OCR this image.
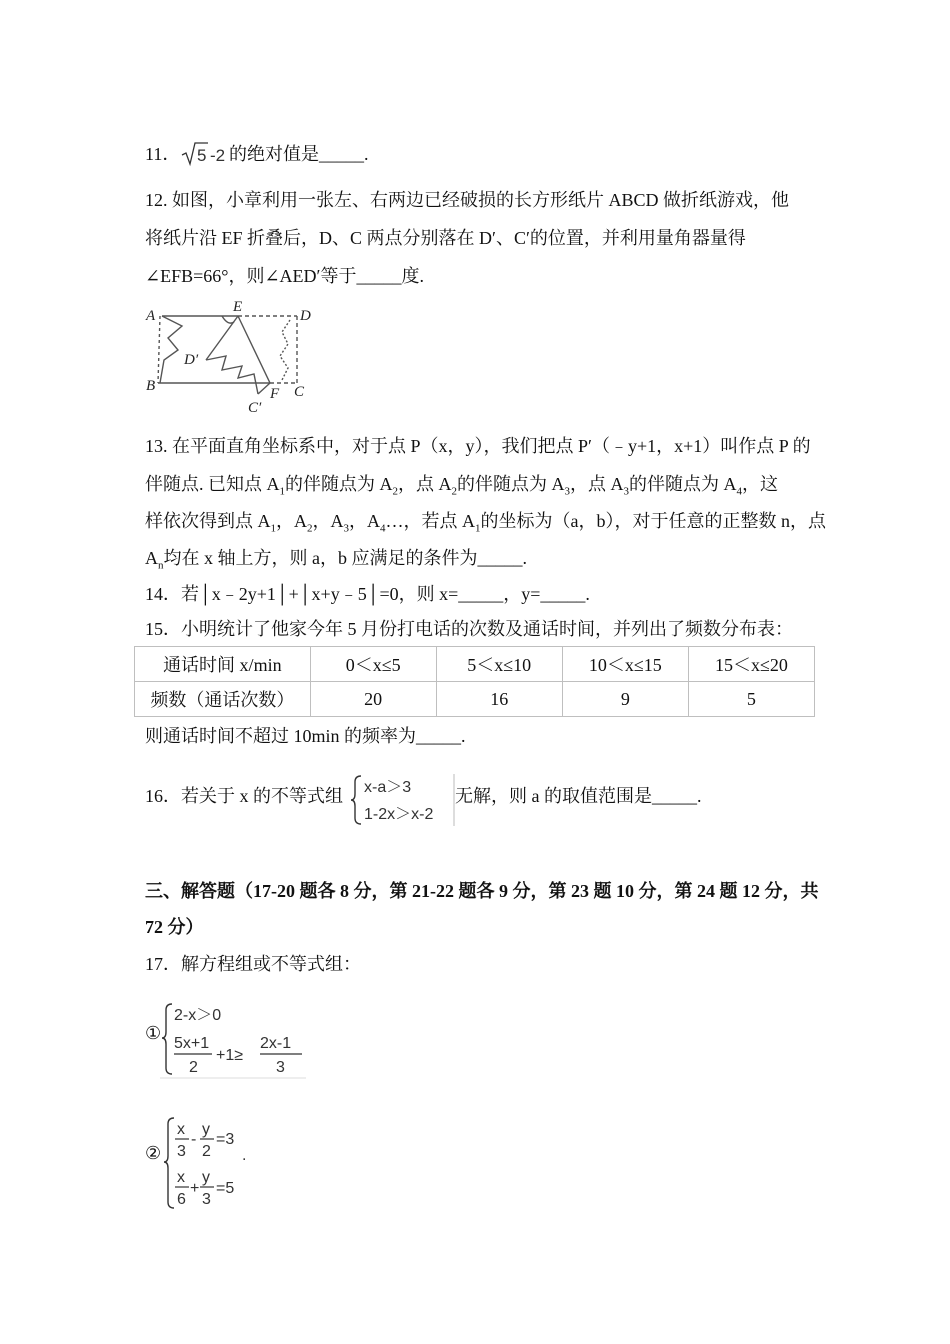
11． 5 -2 的绝对值是_____.
12. 如图，小章利用一张左、右两边已经破损的长方形纸片 ABCD 做折纸游戏，他
将纸片沿 EF 折叠后，D、C 两点分别落在 D′、C′的位置，并利用量角器量得
∠EFB=66°，则∠AED′等于_____度.
A
E
D
D′
B	F C
C′
13. 在平面直角坐标系中，对于点 P（x，y），我们把点 P′（﹣y+1，x+1）叫作点 P 的
伴随点. 已知点 $A_1$的伴随点为 $A_2$，点 $A_2$的伴随点为 $A_3$，点 $A_3$的伴随点为 $A_4$，这
样依次得到点 $A_1$，$A_2$，$A_3$，$A_4\dots$，若点 $A_1$的坐标为（a，b），对于任意的正整数 n，点
$A_n$均在 x 轴上方，则 a，b 应满足的条件为_____.
14．若│x﹣2y+1│+│x+y﹣5│=0，则 x=_____，y=_____.
15．小明统计了他家今年 5 月份打电话的次数及通话时间，并列出了频数分布表：
通话时间 x/min	0＜x≤5	5＜x≤10	10＜x≤15	15＜x≤20
频数（通话次数）	20	16	9	5
则通话时间不超过 10min 的频率为_____.
16．若关于 x 的不等式组 x-a＞3
1-2x＞x-2
无解，则 a 的取值范围是_____.
三、解答题（17-20 题各 8 分，第 21-22 题各 9 分，第 23 题 10 分，第 24 题 12 分，共
72 分）
17．解方程组或不等式组：
①
2-x＞0
5x+1
2
+1≥
2x-1
3
②
x
3
-
y
2
=3
x
6
+
y
3
=5
.
